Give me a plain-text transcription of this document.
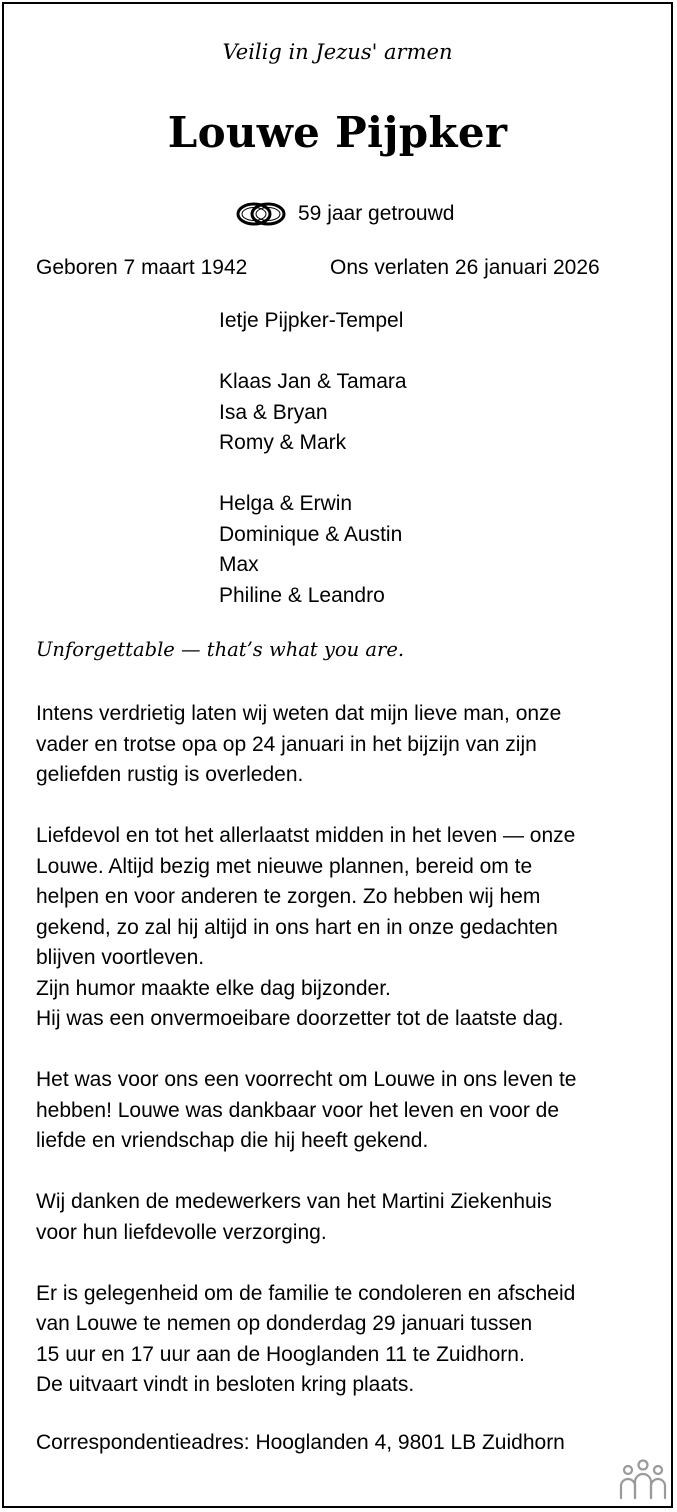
Veilig in Jezus' armen
Louwe Pijpker
59 jaar getrouwd
Geboren 7 maart 1942	Ons verlaten 26 januari 2026
Ietje Pijpker-Tempel
Klaas Jan & Tamara
Isa & Bryan
Romy & Mark
Helga & Erwin
Dominique & Austin
Max
Philine & Leandro
Unforgettable — that’s what you are.

Intens verdrietig laten wij weten dat mijn lieve man, onze
vader en trotse opa op 24 januari in het bijzijn van zijn
geliefden rustig is overleden.

Liefdevol en tot het allerlaatst midden in het leven — onze
Louwe. Altijd bezig met nieuwe plannen, bereid om te
helpen en voor anderen te zorgen. Zo hebben wij hem
gekend, zo zal hij altijd in ons hart en in onze gedachten
blijven voortleven.
Zijn humor maakte elke dag bijzonder.
Hij was een onvermoeibare doorzetter tot de laatste dag.

Het was voor ons een voorrecht om Louwe in ons leven te
hebben! Louwe was dankbaar voor het leven en voor de
liefde en vriendschap die hij heeft gekend.

Wij danken de medewerkers van het Martini Ziekenhuis
voor hun liefdevolle verzorging.

Er is gelegenheid om de familie te condoleren en afscheid
van Louwe te nemen op donderdag 29 januari tussen
15 uur en 17 uur aan de Hooglanden 11 te Zuidhorn.
De uitvaart vindt in besloten kring plaats.

Correspondentieadres: Hooglanden 4, 9801 LB Zuidhorn
